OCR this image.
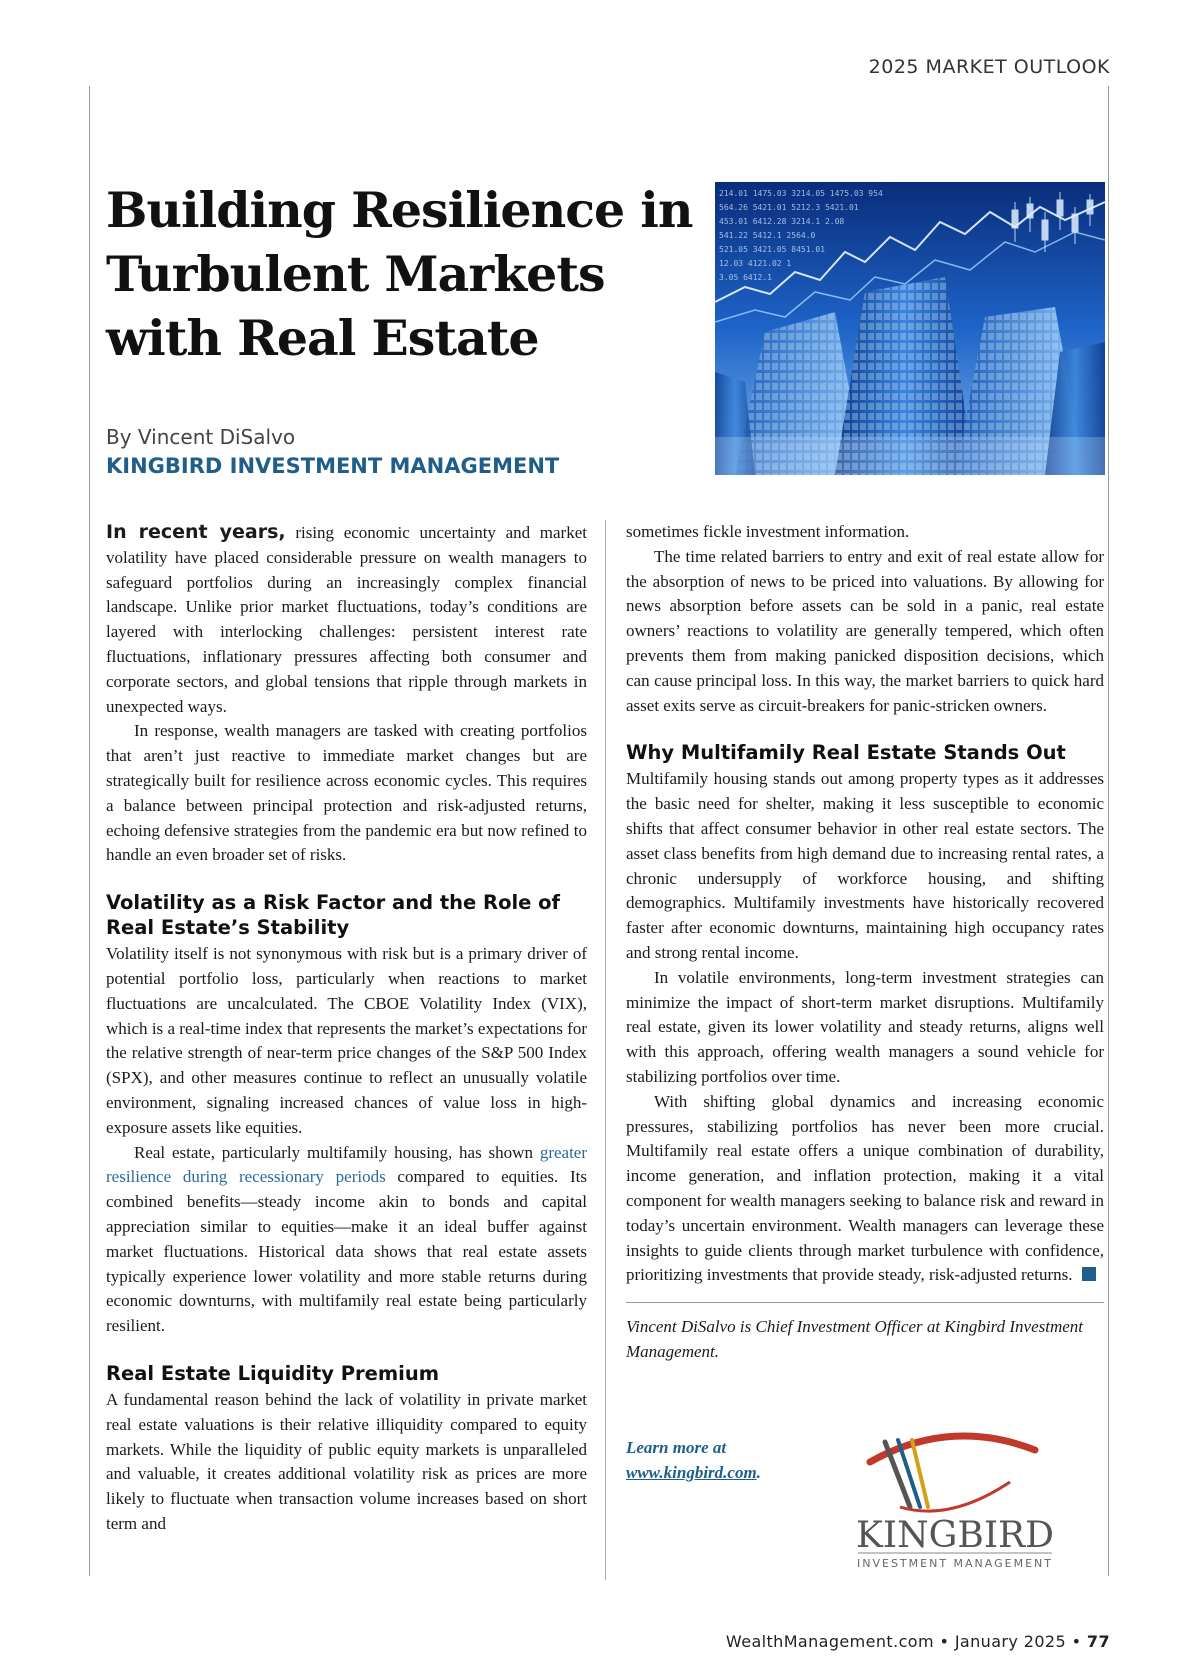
2025 MARKET OUTLOOK

Building Resilience in Turbulent Markets with Real Estate
214.01 1475.03 3214.05 1475.03 954
564.26 5421.01 5212.3 5421.01
453.01 6412.28 3214.1 2.08
541.22 5412.1 2564.0
521.05 3421.05 8451.01
12.03 4121.02 1
3.05 6412.1

By Vincent DiSalvo

KINGBIRD INVESTMENT MANAGEMENT

In recent years, rising economic uncertainty and market volatility have placed considerable pressure on wealth managers to safeguard portfolios during an increasingly complex financial landscape. Unlike prior market fluctuations, today’s conditions are layered with interlocking challenges: persistent interest rate fluctuations, inflationary pressures affecting both consumer and corporate sectors, and global tensions that ripple through markets in unexpected ways.

In response, wealth managers are tasked with creating portfolios that aren’t just reactive to immediate market changes but are strategically built for resilience across economic cycles. This requires a balance between principal protection and risk-adjusted returns, echoing defensive strategies from the pandemic era but now refined to handle an even broader set of risks.

Volatility as a Risk Factor and the Role of Real Estate’s Stability

Volatility itself is not synonymous with risk but is a primary driver of potential portfolio loss, particularly when reactions to market fluctuations are uncalculated. The CBOE Volatility Index (VIX), which is a real-time index that represents the market’s expectations for the relative strength of near-term price changes of the S&P 500 Index (SPX), and other measures continue to reflect an unusually volatile environment, signaling increased chances of value loss in high-exposure assets like equities.

Real estate, particularly multifamily housing, has shown greater resilience during recessionary periods compared to equities. Its combined benefits—steady income akin to bonds and capital appreciation similar to equities—make it an ideal buffer against market fluctuations. Historical data shows that real estate assets typically experience lower volatility and more stable returns during economic downturns, with multifamily real estate being particularly resilient.

Real Estate Liquidity Premium

A fundamental reason behind the lack of volatility in private market real estate valuations is their relative illiquidity compared to equity markets. While the liquidity of public equity markets is unparalleled and valuable, it creates additional volatility risk as prices are more likely to fluctuate when transaction volume increases based on short term and

sometimes fickle investment information.

The time related barriers to entry and exit of real estate allow for the absorption of news to be priced into valuations. By allowing for news absorption before assets can be sold in a panic, real estate owners’ reactions to volatility are generally tempered, which often prevents them from making panicked disposition decisions, which can cause principal loss. In this way, the market barriers to quick hard asset exits serve as circuit-breakers for panic-stricken owners.

Why Multifamily Real Estate Stands Out

Multifamily housing stands out among property types as it addresses the basic need for shelter, making it less susceptible to economic shifts that affect consumer behavior in other real estate sectors. The asset class benefits from high demand due to increasing rental rates, a chronic undersupply of workforce housing, and shifting demographics. Multifamily investments have historically recovered faster after economic downturns, maintaining high occupancy rates and strong rental income.

In volatile environments, long-term investment strategies can minimize the impact of short-term market disruptions. Multifamily real estate, given its lower volatility and steady returns, aligns well with this approach, offering wealth managers a sound vehicle for stabilizing portfolios over time.

With shifting global dynamics and increasing economic pressures, stabilizing portfolios has never been more crucial. Multifamily real estate offers a unique combination of durability, income generation, and inflation protection, making it a vital component for wealth managers seeking to balance risk and reward in today’s uncertain environment. Wealth managers can leverage these insights to guide clients through market turbulence with confidence, prioritizing investments that provide steady, risk-adjusted returns.

Vincent DiSalvo is Chief Investment Officer at Kingbird Investment Management.

Learn more at
www.kingbird.com.
KINGBIRD
INVESTMENT MANAGEMENT

WealthManagement.com • January 2025 • 77
